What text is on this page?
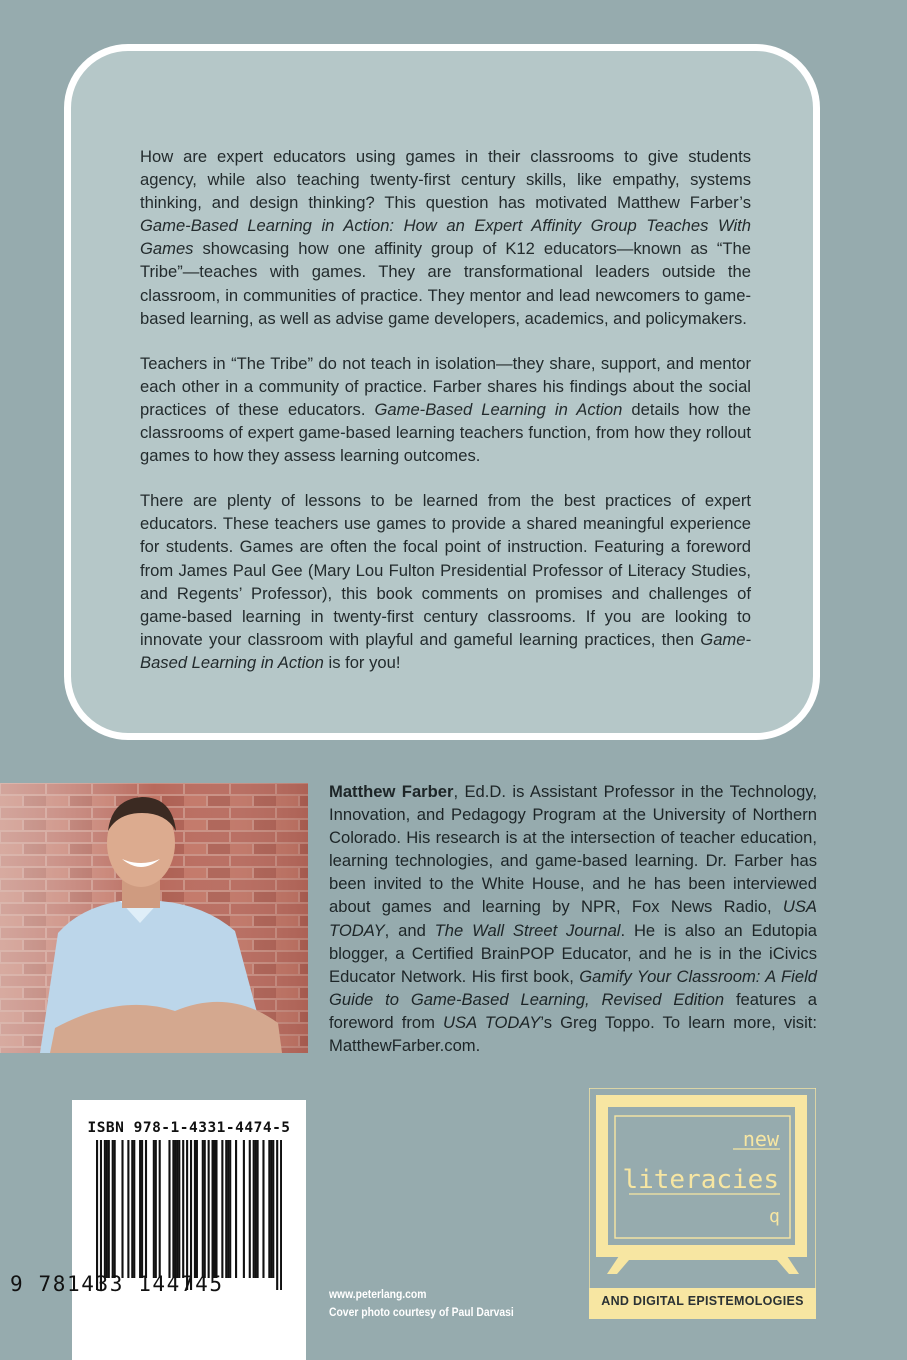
How are expert educators using games in their classrooms to give students agency, while also teaching twenty-first century skills, like empathy, systems thinking, and design thinking? This question has motivated Matthew Farber’s Game-Based Learning in Action: How an Expert Affinity Group Teaches With Games showcasing how one affinity group of K12 educators—known as “The Tribe”—teaches with games. They are transformational leaders outside the classroom, in communities of practice. They mentor and lead newcomers to game-based learning, as well as advise game developers, academics, and policymakers.

Teachers in “The Tribe” do not teach in isolation—they share, support, and mentor each other in a community of practice. Farber shares his findings about the social practices of these educators. Game-Based Learning in Action details how the classrooms of expert game-based learning teachers function, from how they rollout games to how they assess learning outcomes.

There are plenty of lessons to be learned from the best practices of expert educators. These teachers use games to provide a shared meaningful experience for students. Games are often the focal point of instruction. Featuring a foreword from James Paul Gee (Mary Lou Fulton Presidential Professor of Literacy Studies, and Regents’ Professor), this book comments on promises and challenges of game-based learning in twenty-first century classrooms. If you are looking to innovate your classroom with playful and gameful learning practices, then Game-Based Learning in Action is for you!

Matthew Farber, Ed.D. is Assistant Professor in the Technology, Innovation, and Pedagogy Program at the University of Northern Colorado. His research is at the intersection of teacher education, learning technologies, and game-based learning. Dr. Farber has been invited to the White House, and he has been interviewed about games and learning by NPR, Fox News Radio, USA TODAY, and The Wall Street Journal. He is also an Edutopia blogger, a Certified BrainPOP Educator, and he is in the iCivics Educator Network. His first book, Gamify Your Classroom: A Field Guide to Game-Based Learning, Revised Edition features a foreword from USA TODAY’s Greg Toppo. To learn more, visit: MatthewFarber.com.
ISBN 978-1-4331-4474-5
9 781433 144745	www.peterlang.com
Cover photo courtesy of Paul Darvasi
new
literacies
q
AND DIGITAL EPISTEMOLOGIES
